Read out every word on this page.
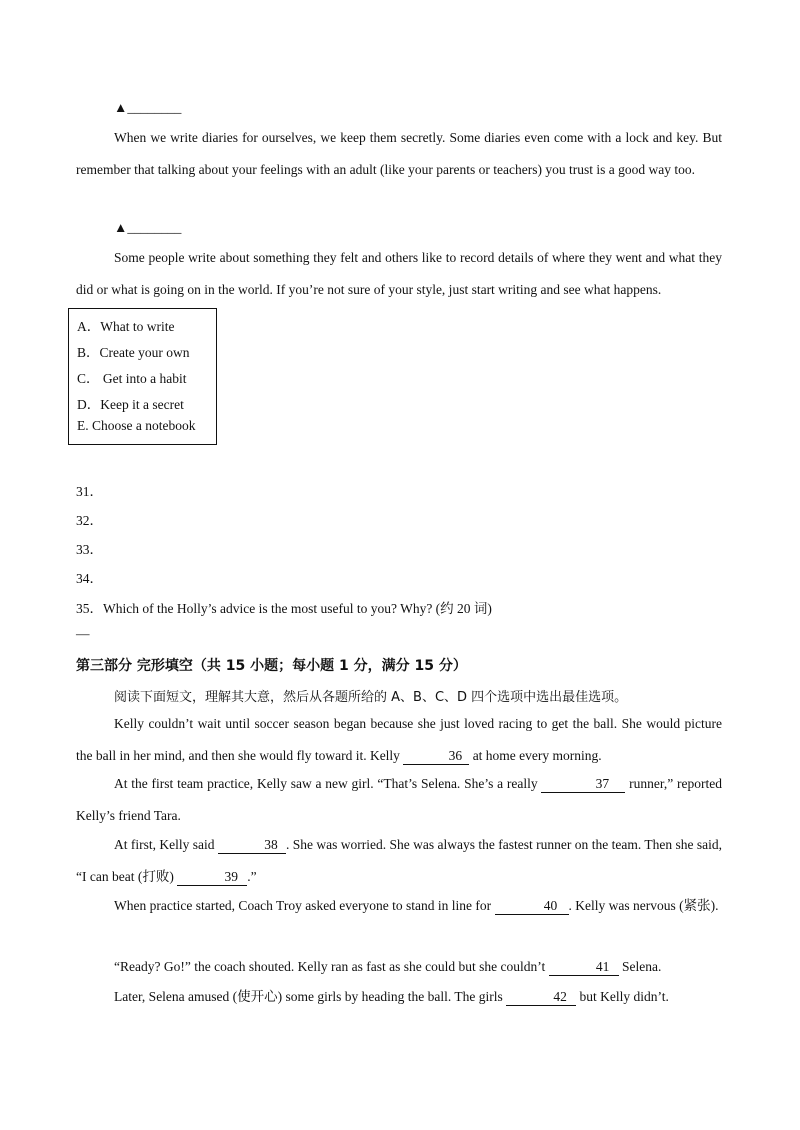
▲________
When we write diaries for ourselves, we keep them secretly. Some diaries even come with a lock and key. But remember that talking about your feelings with an adult (like your parents or teachers) you trust is a good way too.
▲________
Some people write about something they felt and others like to record details of where they went and what they did or what is going on in the world. If you’re not sure of your style, just start writing and see what happens.
A．What to write
B．Create your own
C． Get into a habit
D．Keep it a secret
E. Choose a notebook
31．
32．
33．
34．
35．Which of the Holly’s advice is the most useful to you? Why? (约 20 词)
—
第三部分 完形填空（共 15 小题；每小题 1 分，满分 15 分）
阅读下面短文，理解其大意，然后从各题所给的 A、B、C、D 四个选项中选出最佳选项。
Kelly couldn’t wait until soccer season began because she just loved racing to get the ball. She would picture the ball in her mind, and then she would fly toward it. Kelly	36 at home every morning.
At the first team practice, Kelly saw a new girl. “That’s Selena. She’s a really	37 runner,” reported Kelly’s friend Tara.
At first, Kelly said	38 . She was worried. She was always the fastest runner on the team. Then she said, “I can beat (打败)	39 .”
When practice started, Coach Troy asked everyone to stand in line for	40 . Kelly was nervous (紧张).
“Ready? Go!” the coach shouted. Kelly ran as fast as she could but she couldn’t	41 Selena.
Later, Selena amused (使开心) some girls by heading the ball. The girls	42 but Kelly didn’t.
